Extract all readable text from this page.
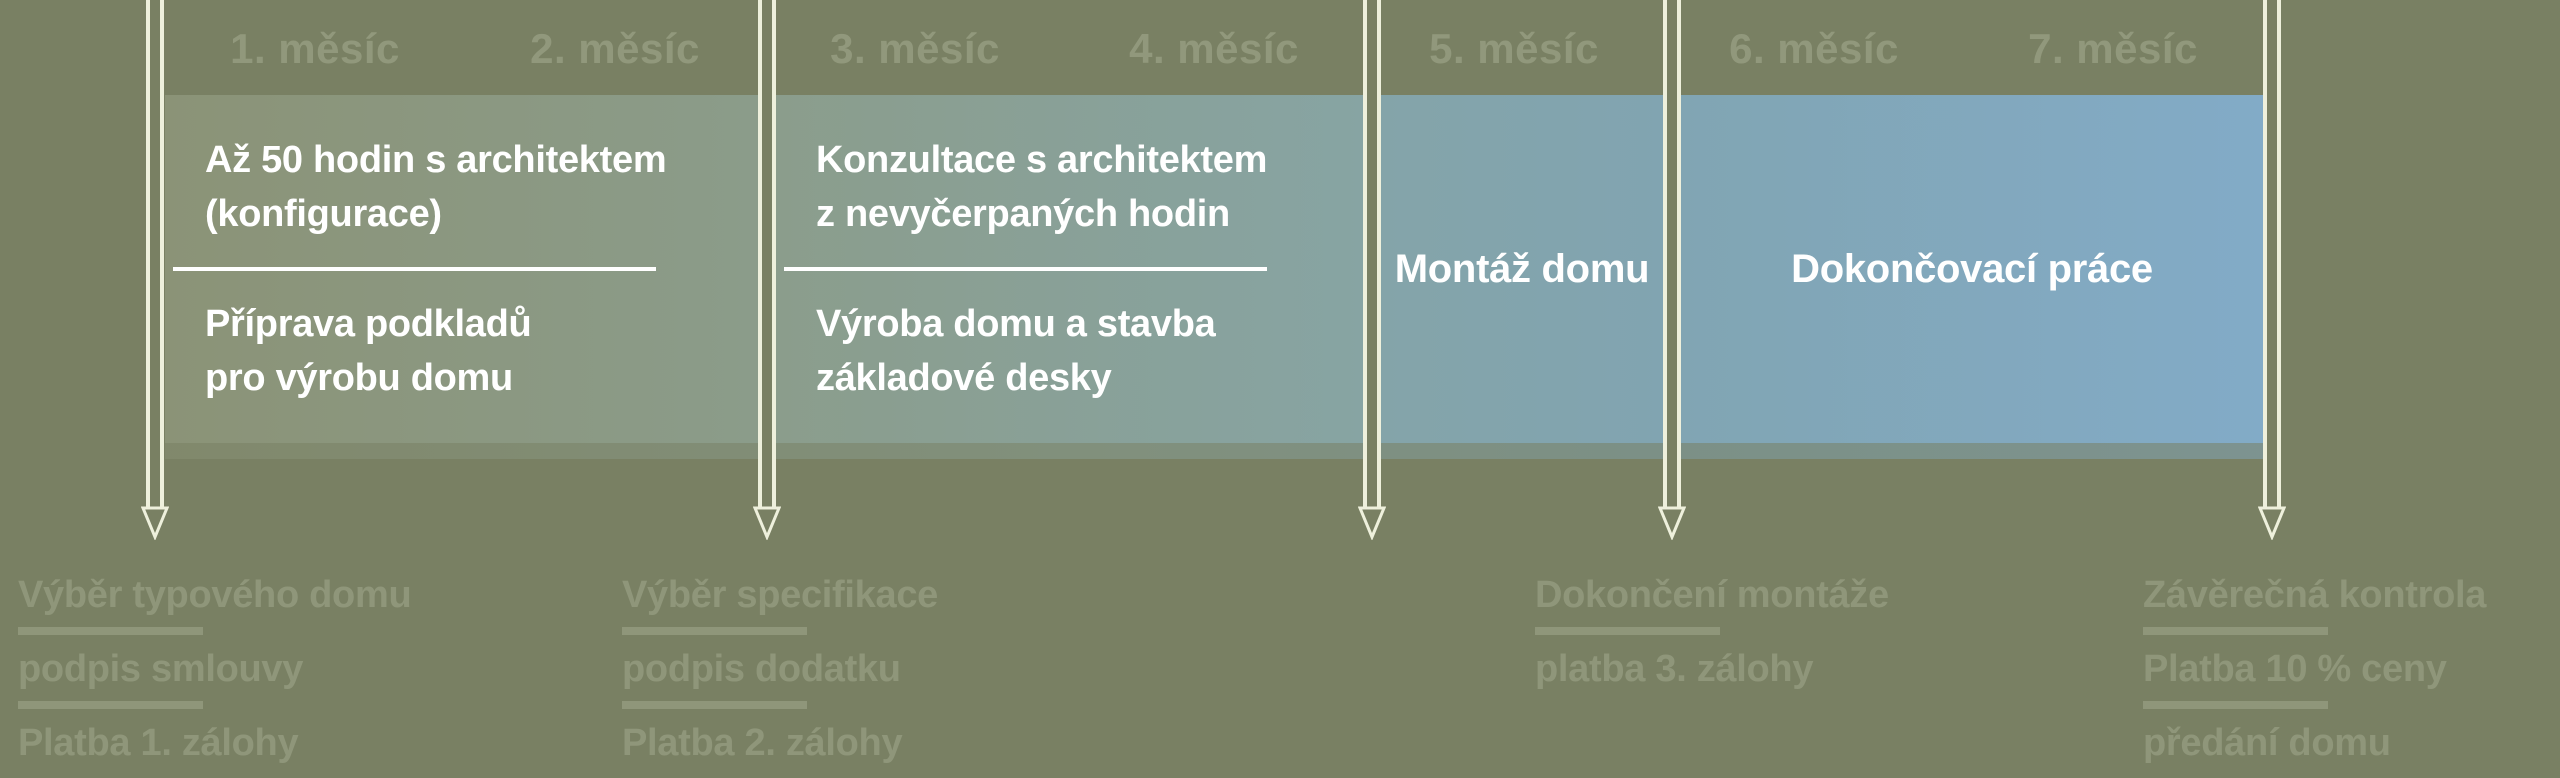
1. měsíc	2. měsíc	3. měsíc	4. měsíc	5. měsíc	6. měsíc	7. měsíc
Až 50 hodin s architektem
(konfigurace)
Příprava podkladů
pro výrobu domu
Konzultace s architektem
z nevyčerpaných hodin
Výroba domu a stavba
základové desky
Montáž domu	Dokončovací práce
Výběr typového domu
podpis smlouvy
Platba 1. zálohy
Výběr specifikace
podpis dodatku
Platba 2. zálohy
Dokončení montáže
platba 3. zálohy
Závěrečná kontrola
Platba 10 % ceny
předání domu
